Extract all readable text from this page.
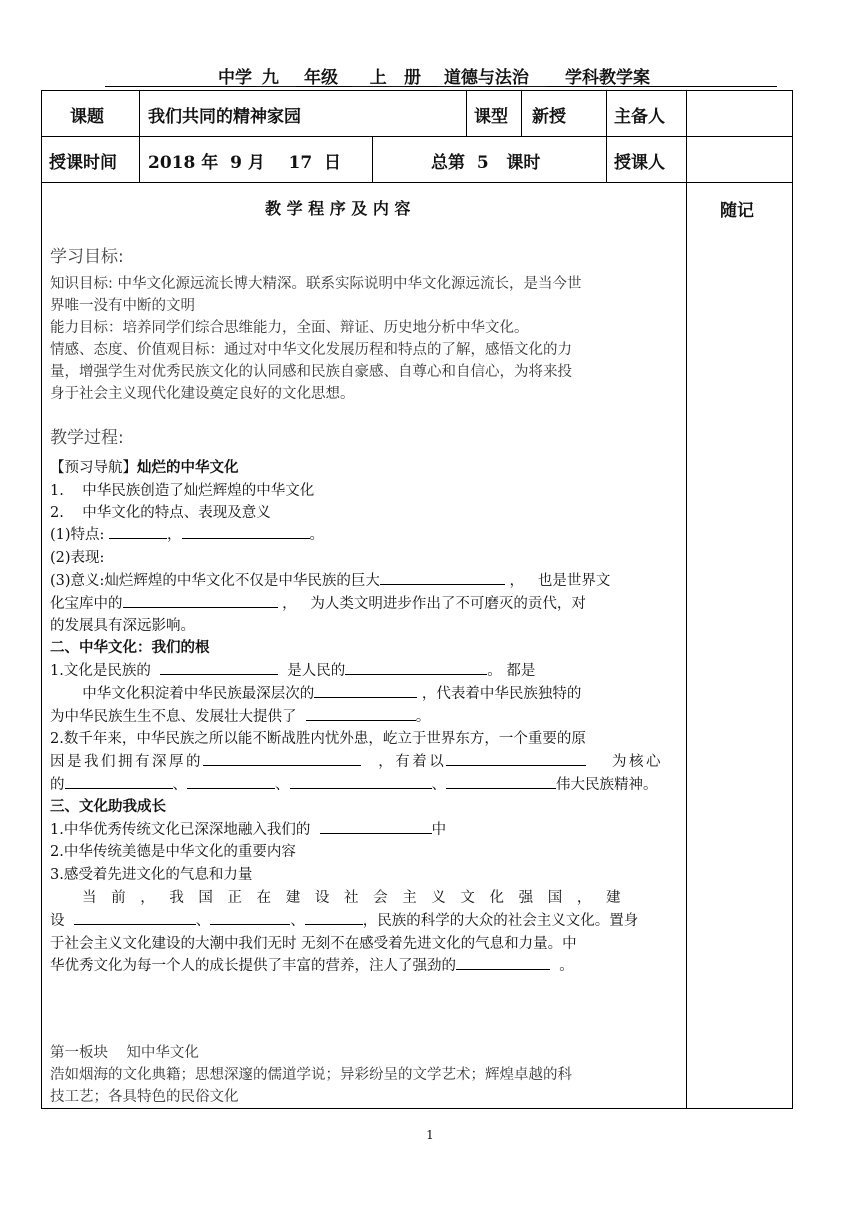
中学 九	年级	上	册	道德与法治	学科教学案
课题	我们共同的精神家园	课型 新授	主备人
授课时间 2018 年  9 月    17  日	总第  5   课时	授课人
教 学 程 序 及 内 容	随记
学习目标:
知识目标: 中华文化源远流长博大精深。联系实际说明中华文化源远流长，是当今世
界唯一没有中断的文明
能力目标：培养同学们综合思维能力，全面、辩证、历史地分析中华文化。
情感、态度、价值观目标：通过对中华文化发展历程和特点的了解，感悟文化的力
量，增强学生对优秀民族文化的认同感和民族自豪感、自尊心和自信心，为将来投
身于社会主义现代化建设奠定良好的文化思想。
教学过程:
【预习导航】灿烂的中华文化
1.    中华民族创造了灿烂辉煌的中华文化
2.    中华文化的特点、表现及意义
(1)特点:	，	。
(2)表现:
(3)意义:灿烂辉煌的中华文化不仅是中华民族的巨大	，   也是世界文
化宝库中的	，   为人类文明进步作出了不可磨灭的贡代，对
的发展具有深远影响。
二、中华文化：我们的根
1.文化是民族的	是人民的	。 都是
中华文化积淀着中华民族最深层次的	，代表着中华民族独特的
为中华民族生生不息、发展壮大提供了	。
2.数千年来，中华民族之所以能不断战胜内忧外患，屹立于世界东方，一个重要的原
因是我们拥有深厚的	，有着以	为核心
的	、	、	、	伟大民族精神。
三、文化助我成长
1.中华优秀传统文化已深深地融入我们的	中
2.中华传统美德是中华文化的重要内容
3.感受着先进文化的气息和力量
当 前 ， 我 国 正 在 建 设 社 会 主 义 文 化 强 国 ， 建
设	、	、	，民族的科学的大众的社会主义文化。置身
于社会主义文化建设的大潮中我们无时 无刻不在感受着先进文化的气息和力量。中
华优秀文化为每一个人的成长提供了丰富的营养，注人了强劲的	。
第一板块    知中华文化
浩如烟海的文化典籍；思想深邃的儒道学说；异彩纷呈的文学艺术；辉煌卓越的科
技工艺；各具特色的民俗文化
1
